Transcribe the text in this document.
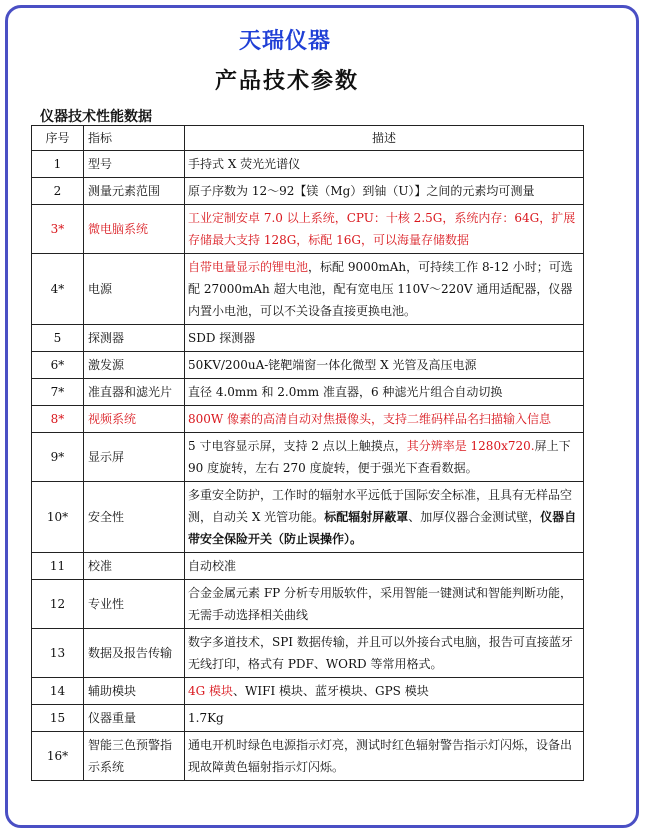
天瑞仪器
产品技术参数
仪器技术性能数据
序号	指标	描述
1	型号	手持式 X 荧光光谱仪
2	测量元素范围	原子序数为 12～92【镁（Mg）到铀（U）】之间的元素均可测量
3*	微电脑系统	工业定制安卓 7.0 以上系统，CPU：十核 2.5G，系统内存：64G，扩展存储最大支持 128G，标配 16G，可以海量存储数据
4*	电源	自带电量显示的锂电池，标配 9000mAh，可持续工作 8-12 小时；可选配 27000mAh 超大电池，配有宽电压 110V～220V 通用适配器，仪器内置小电池，可以不关设备直接更换电池。
5	探测器	SDD 探测器
6*	激发源	50KV/200uA-铑靶端窗一体化微型 X 光管及高压电源
7*	准直器和滤光片	直径 4.0mm 和 2.0mm 准直器，6 种滤光片组合自动切换
8*	视频系统	800W 像素的高清自动对焦摄像头，支持二维码样品名扫描输入信息
9*	显示屏	5 寸电容显示屏，支持 2 点以上触摸点，其分辨率是 1280x720.屏上下 90 度旋转，左右 270 度旋转，便于强光下查看数据。
10*	安全性	多重安全防护，工作时的辐射水平远低于国际安全标准，且具有无样品空测，自动关 X 光管功能。标配辐射屏蔽罩、加厚仪器合金测试壁，仪器自带安全保险开关（防止误操作）。
11	校准	自动校准
12	专业性	合金金属元素 FP 分析专用版软件，采用智能一键测试和智能判断功能，无需手动选择相关曲线
13	数据及报告传输	数字多道技术，SPI 数据传输，并且可以外接台式电脑，报告可直接蓝牙无线打印，格式有 PDF、WORD 等常用格式。
14	辅助模块	4G 模块、WIFI 模块、蓝牙模块、GPS 模块
15	仪器重量	1.7Kg
16*	智能三色预警指示系统	通电开机时绿色电源指示灯亮，测试时红色辐射警告指示灯闪烁，设备出现故障黄色辐射指示灯闪烁。
